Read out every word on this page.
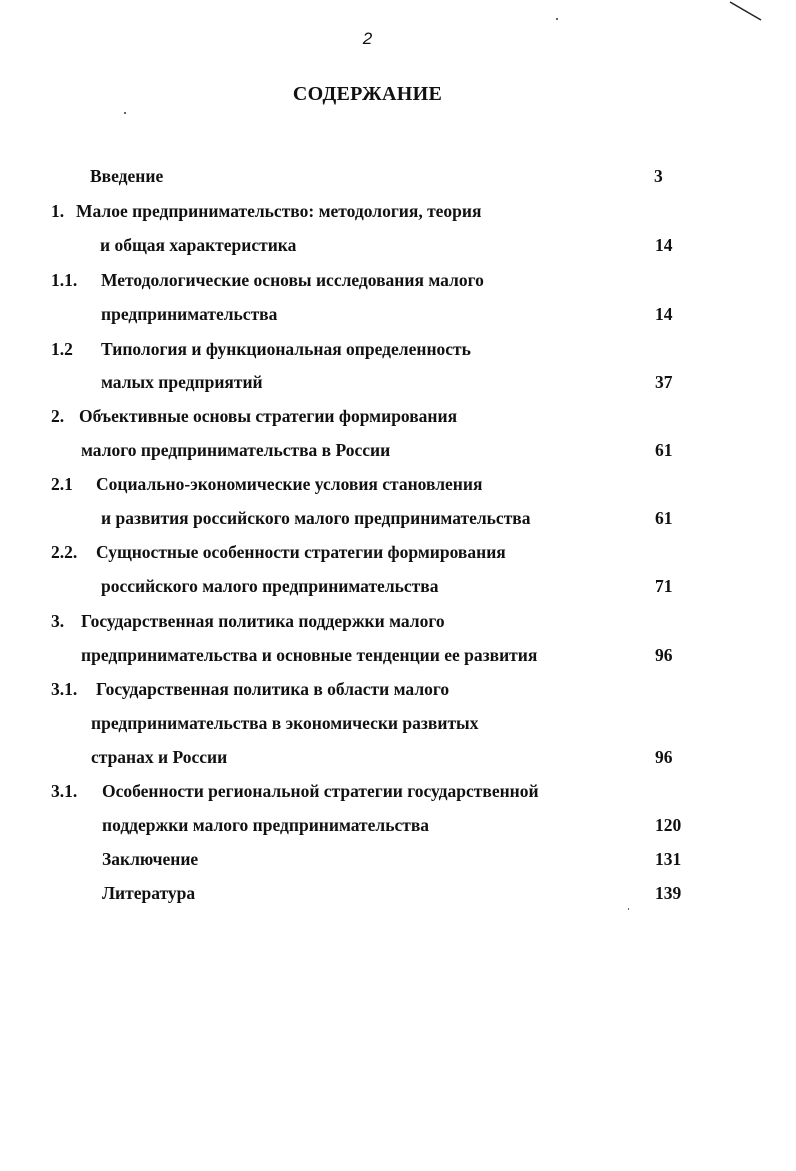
2
СОДЕРЖАНИЕ
Введение	3
1. Малое предпринимательство: методология, теория
и общая характеристика	14
1.1. Методологические основы исследования малого
предпринимательства	14
1.2 Типология и функциональная определенность
малых предприятий	37
2. Объективные основы стратегии формирования
малого предпринимательства в России	61
2.1 Социально-экономические условия становления
и развития российского малого предпринимательства	61
2.2. Сущностные особенности стратегии формирования
российского малого предпринимательства	71
3. Государственная политика поддержки малого
предпринимательства и основные тенденции ее развития	96
3.1. Государственная политика в области малого
предпринимательства в экономически развитых
странах и России	96
3.1. Особенности региональной стратегии государственной
поддержки малого предпринимательства	120
Заключение	131
Литература	139
